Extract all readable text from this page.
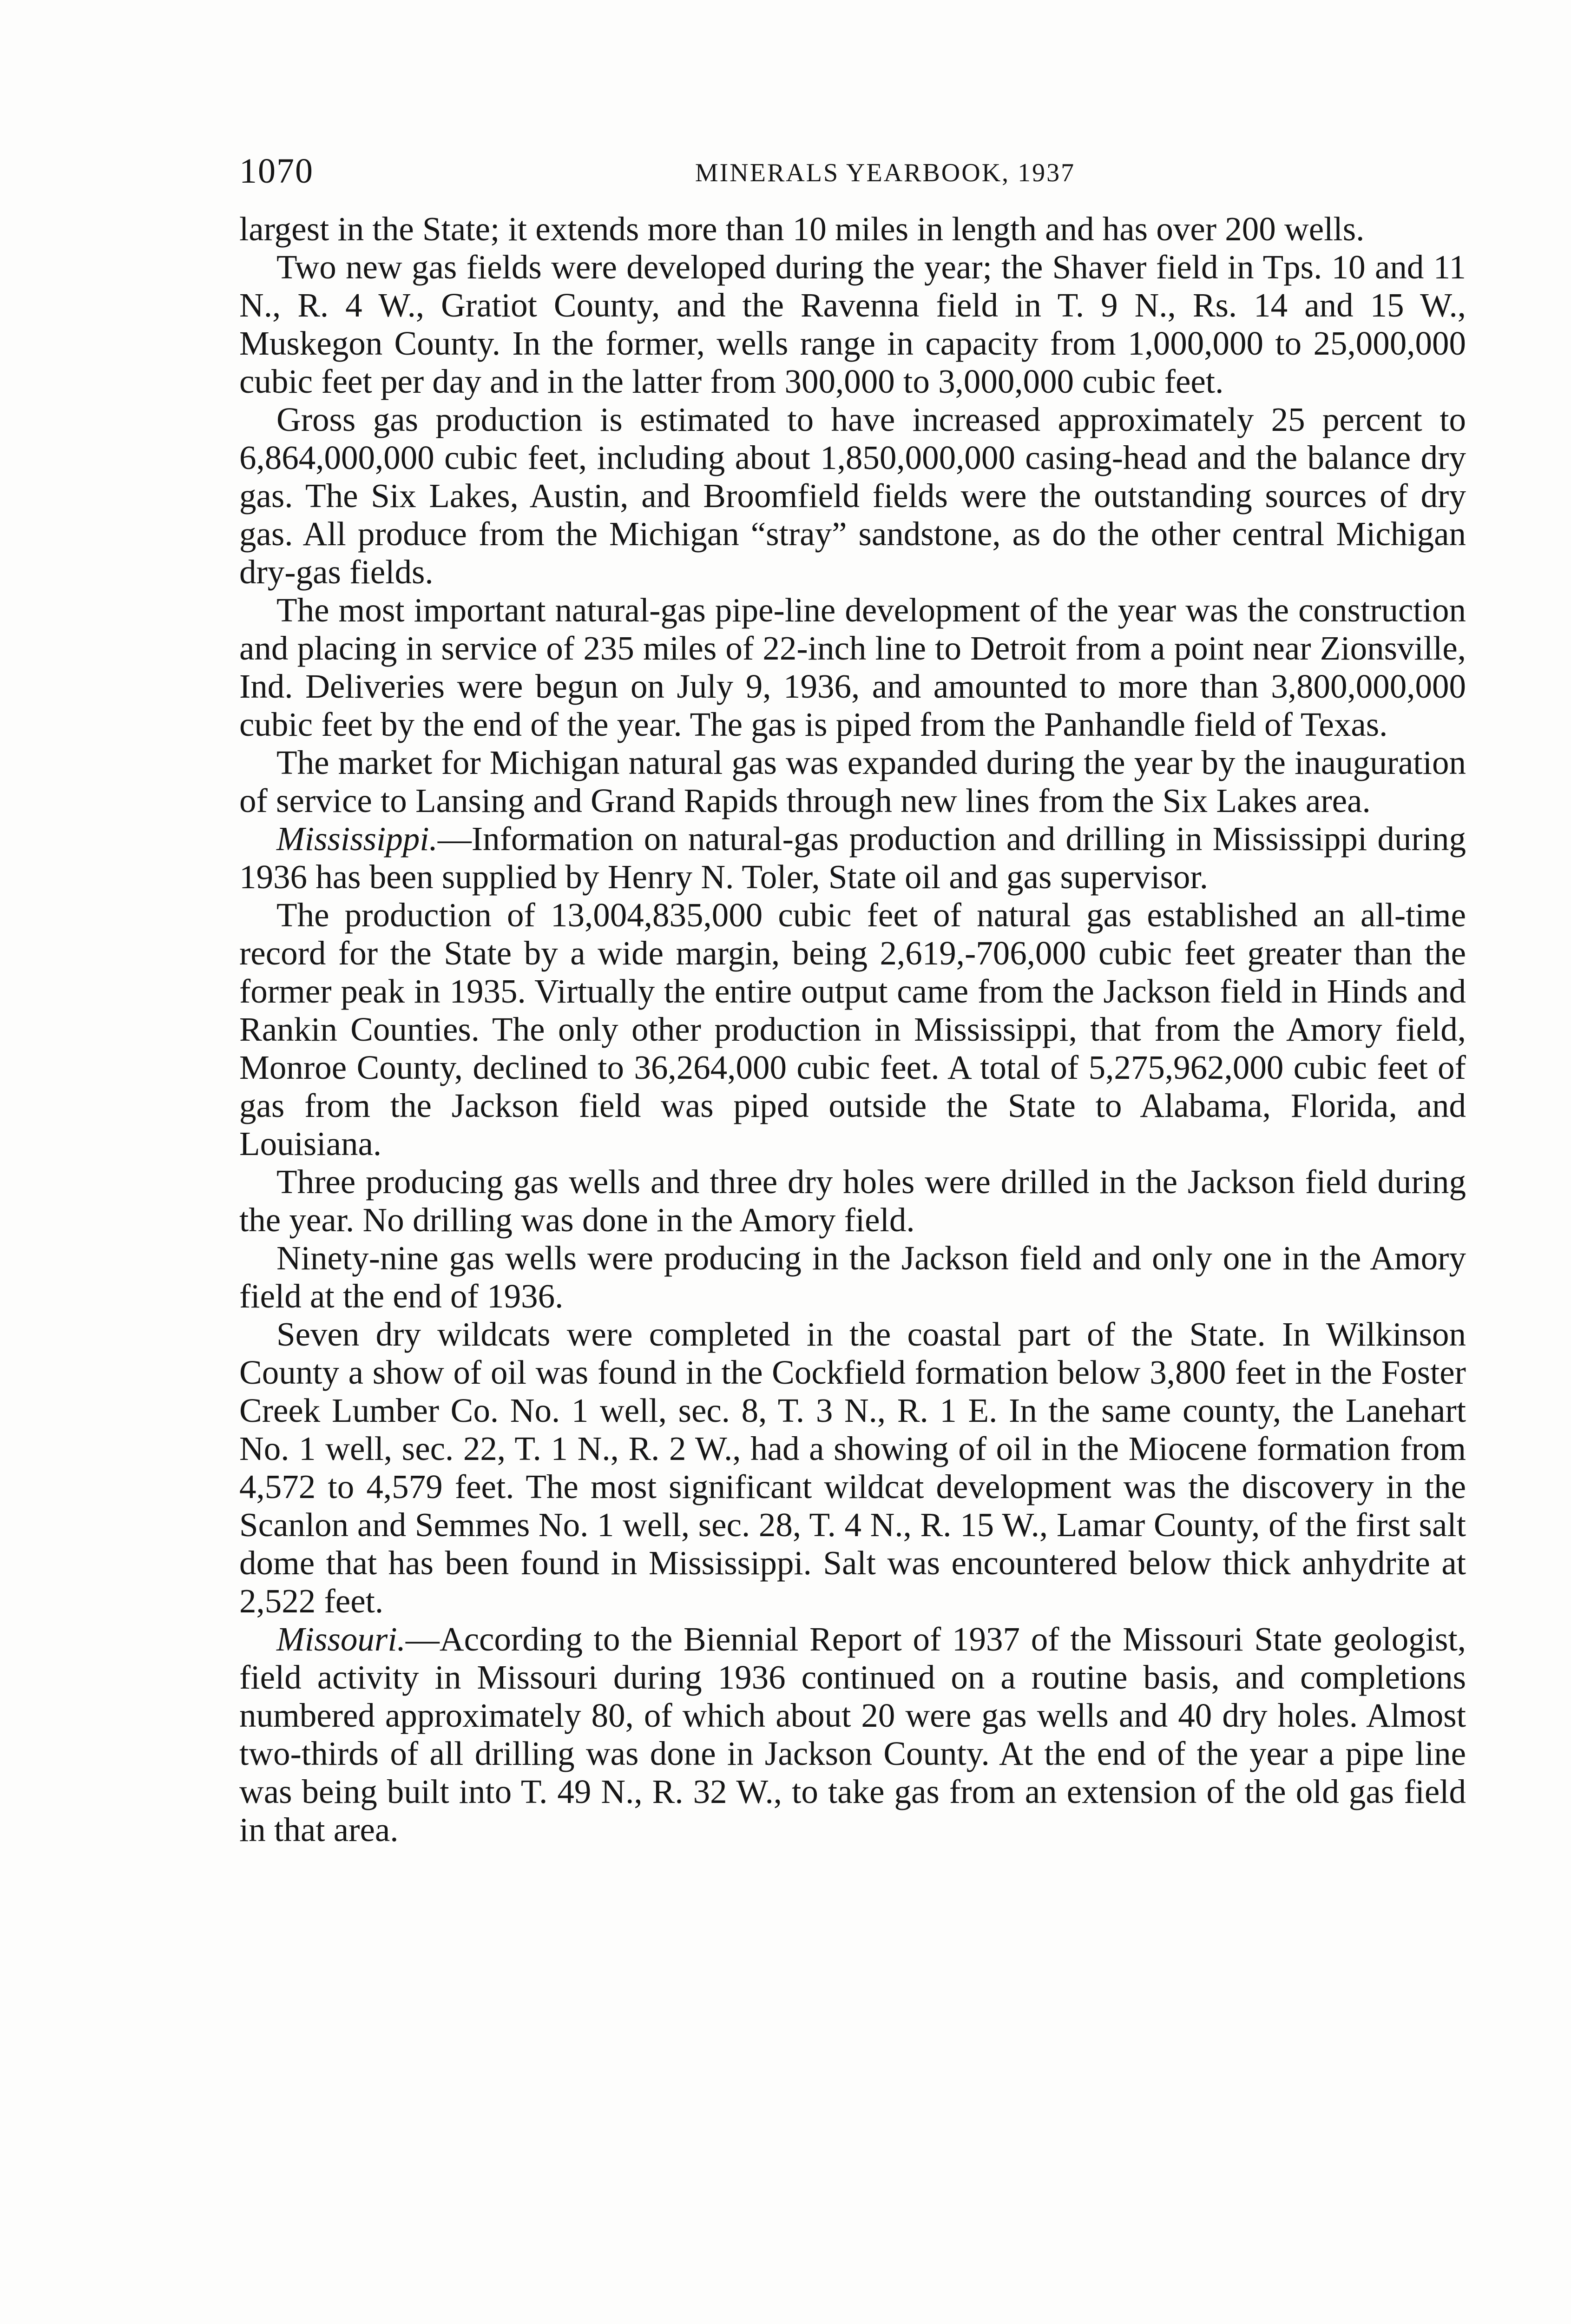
1070	MINERALS YEARBOOK, 1937

largest in the State; it extends more than 10 miles in length and has over 200 wells.

Two new gas fields were developed during the year; the Shaver field in Tps. 10 and 11 N., R. 4 W., Gratiot County, and the Ravenna field in T. 9 N., Rs. 14 and 15 W., Muskegon County. In the former, wells range in capacity from 1,000,000 to 25,000,000 cubic feet per day and in the latter from 300,000 to 3,000,000 cubic feet.

Gross gas production is estimated to have increased approximately 25 percent to 6,864,000,000 cubic feet, including about 1,850,000,000 casing-head and the balance dry gas. The Six Lakes, Austin, and Broomfield fields were the outstanding sources of dry gas. All produce from the Michigan “stray” sandstone, as do the other central Michigan dry-gas fields.

The most important natural-gas pipe-line development of the year was the construction and placing in service of 235 miles of 22-inch line to Detroit from a point near Zionsville, Ind. Deliveries were begun on July 9, 1936, and amounted to more than 3,800,000,000 cubic feet by the end of the year. The gas is piped from the Panhandle field of Texas.

The market for Michigan natural gas was expanded during the year by the inauguration of service to Lansing and Grand Rapids through new lines from the Six Lakes area.

Mississippi.—Information on natural-gas production and drilling in Mississippi during 1936 has been supplied by Henry N. Toler, State oil and gas supervisor.

The production of 13,004,835,000 cubic feet of natural gas established an all-time record for the State by a wide margin, being 2,619,-706,000 cubic feet greater than the former peak in 1935. Virtually the entire output came from the Jackson field in Hinds and Rankin Counties. The only other production in Mississippi, that from the Amory field, Monroe County, declined to 36,264,000 cubic feet. A total of 5,275,962,000 cubic feet of gas from the Jackson field was piped outside the State to Alabama, Florida, and Louisiana.

Three producing gas wells and three dry holes were drilled in the Jackson field during the year. No drilling was done in the Amory field.

Ninety-nine gas wells were producing in the Jackson field and only one in the Amory field at the end of 1936.

Seven dry wildcats were completed in the coastal part of the State. In Wilkinson County a show of oil was found in the Cockfield formation below 3,800 feet in the Foster Creek Lumber Co. No. 1 well, sec. 8, T. 3 N., R. 1 E. In the same county, the Lanehart No. 1 well, sec. 22, T. 1 N., R. 2 W., had a showing of oil in the Miocene formation from 4,572 to 4,579 feet. The most significant wildcat development was the discovery in the Scanlon and Semmes No. 1 well, sec. 28, T. 4 N., R. 15 W., Lamar County, of the first salt dome that has been found in Mississippi. Salt was encountered below thick anhydrite at 2,522 feet.

Missouri.—According to the Biennial Report of 1937 of the Missouri State geologist, field activity in Missouri during 1936 continued on a routine basis, and completions numbered approximately 80, of which about 20 were gas wells and 40 dry holes. Almost two-thirds of all drilling was done in Jackson County. At the end of the year a pipe line was being built into T. 49 N., R. 32 W., to take gas from an extension of the old gas field in that area.
